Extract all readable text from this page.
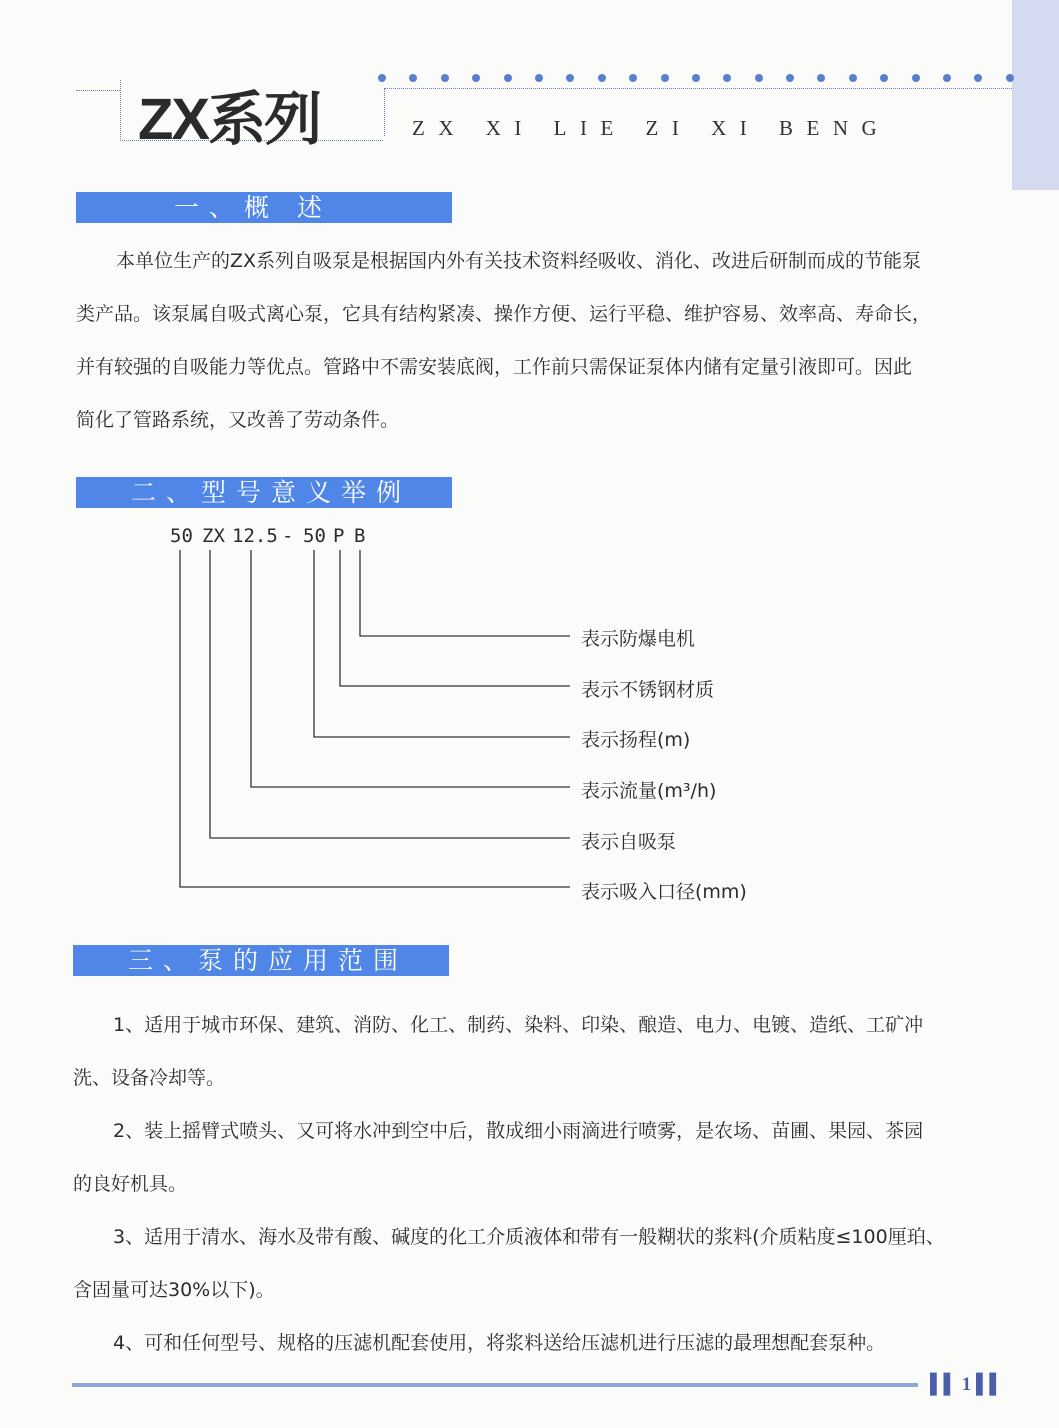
ZX系列	ZX XI LIE ZI XI BENG
一、概 述

本单位生产的ZX系列自吸泵是根据国内外有关技术资料经吸收、消化、改进后研制而成的节能泵

类产品。该泵属自吸式离心泵，它具有结构紧凑、操作方便、运行平稳、维护容易、效率高、寿命长，

并有较强的自吸能力等优点。管路中不需安装底阀，工作前只需保证泵体内储有定量引液即可。因此

简化了管路系统，又改善了劳动条件。

二、型号意义举例
50 ZX 12.5 - 50 P B
表示防爆电机
表示不锈钢材质
表示扬程(m)
表示流量(m³/h)
表示自吸泵
表示吸入口径(mm)
三、泵的应用范围

1、适用于城市环保、建筑、消防、化工、制药、染料、印染、酿造、电力、电镀、造纸、工矿冲

洗、设备冷却等。

2、装上摇臂式喷头、又可将水冲到空中后，散成细小雨滴进行喷雾，是农场、苗圃、果园、茶园

的良好机具。

3、适用于清水、海水及带有酸、碱度的化工介质液体和带有一般糊状的浆料(介质粘度≤100厘珀、

含固量可达30%以下)。

4、可和任何型号、规格的压滤机配套使用，将浆料送给压滤机进行压滤的最理想配套泵种。

▌▌ 1 ▌▌
